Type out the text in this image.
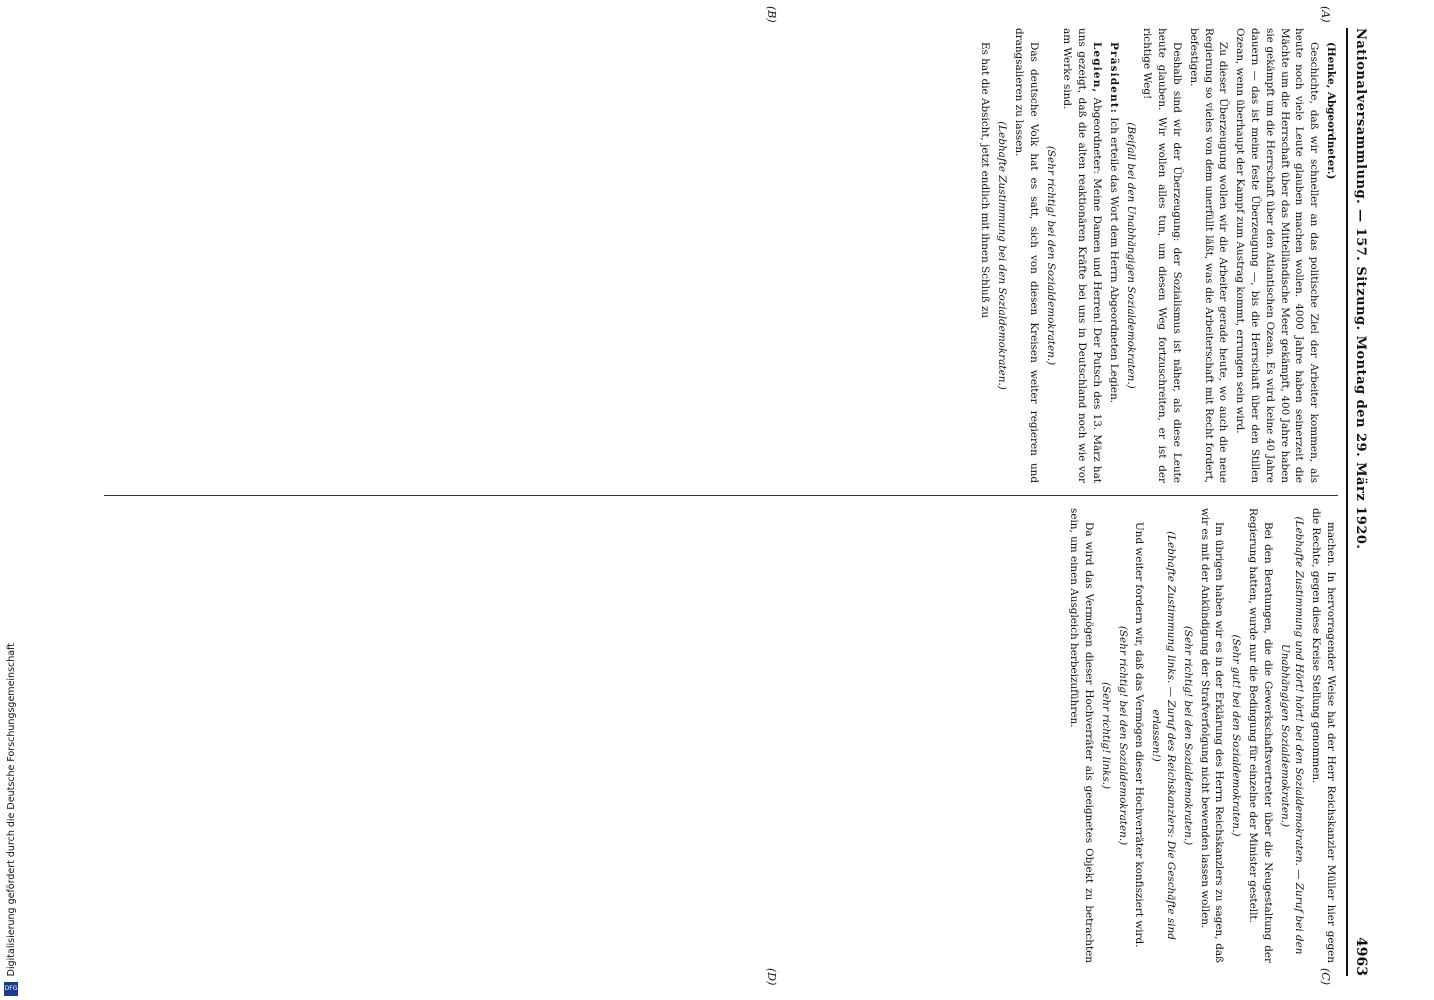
Digitalisierung gefördert durch die Deutsche Forschungsgemeinschaft
DFG
Nationalversammlung. — 157. Sitzung. Montag den 29. März 1920.
4963

(Henke, Abgeordneter.)

Geschichte, daß wir schneller an das politische Ziel der Arbeiter kommen, als heute noch viele Leute glauben machen wollen. 4000 Jahre haben seinerzeit die Mächte um die Herrschaft über das Mittelländische Meer gekämpft, 400 Jahre haben sie gekämpft um die Herrschaft über den Atlantischen Ozean. Es wird keine 40 Jahre dauern — das ist meine feste Überzeugung —, bis die Herrschaft über den Stillen Ozean, wenn überhaupt der Kampf zum Austrag kommt, errungen sein wird.

Zu dieser Überzeugung wollen wir die Arbeiter gerade heute, wo auch die neue Regierung so vieles von dem unerfüllt läßt, was die Arbeiterschaft mit Recht fordert, befestigen.

Deshalb sind wir der Überzeugung: der Sozialismus ist näher, als diese Leute heute glauben. Wir wollen alles tun, um diesen Weg fortzuschreiten, er ist der richtige Weg!

(Beifall bei den Unabhängigen Sozialdemokraten.)

Präsident: Ich erteile das Wort dem Herrn Abgeordneten Legien.

Legien, Abgeordneter: Meine Damen und Herren! Der Putsch des 13. März hat uns gezeigt, daß die alten reaktionären Kräfte bei uns in Deutschland noch wie vor am Werke sind.

(Sehr richtig! bei den Sozialdemokraten.)

Das deutsche Volk hat es satt, sich von diesen Kreisen weiter regieren und drangsalieren zu lassen.

(Lebhafte Zustimmung bei den Sozialdemokraten.)

Es hat die Absicht, jetzt endlich mit ihnen Schluß zu

machen. In hervorragender Weise hat der Herr Reichskanzler Müller hier gegen die Rechte, gegen diese Kreise Stellung genommen.

(Lebhafte Zustimmung und Hört! hört! bei den Sozialdemokraten. — Zuruf bei den Unabhängigen Sozialdemokraten.)

Bei den Beratungen, die die Gewerkschaftsvertreter über die Neugestaltung der Regierung hatten, wurde nur die Bedingung für einzelne der Minister gestellt.

(Sehr gut! bei den Sozialdemokraten.)

Im übrigen haben wir es in der Erklärung des Herrn Reichskanzlers zu sagen, daß wir es mit der Ankündigung der Strafverfolgung nicht bewenden lassen wollen.

(Sehr richtig! bei den Sozialdemokraten.)

(Lebhafte Zustimmung links. — Zuruf des Reichskanzlers: Die Geschäfte sind erlassen!)

Und weiter fordern wir, daß das Vermögen dieser Hochverräter konfisziert wird.

(Sehr richtig! bei den Sozialdemokraten.)

(Sehr richtig! links.)

Da wird das Vermögen dieser Hochverräter als geeignetes Objekt zu betrachten sein, um einen Ausgleich herbeizuführen.

(A)
(B)
(C)
(D)
